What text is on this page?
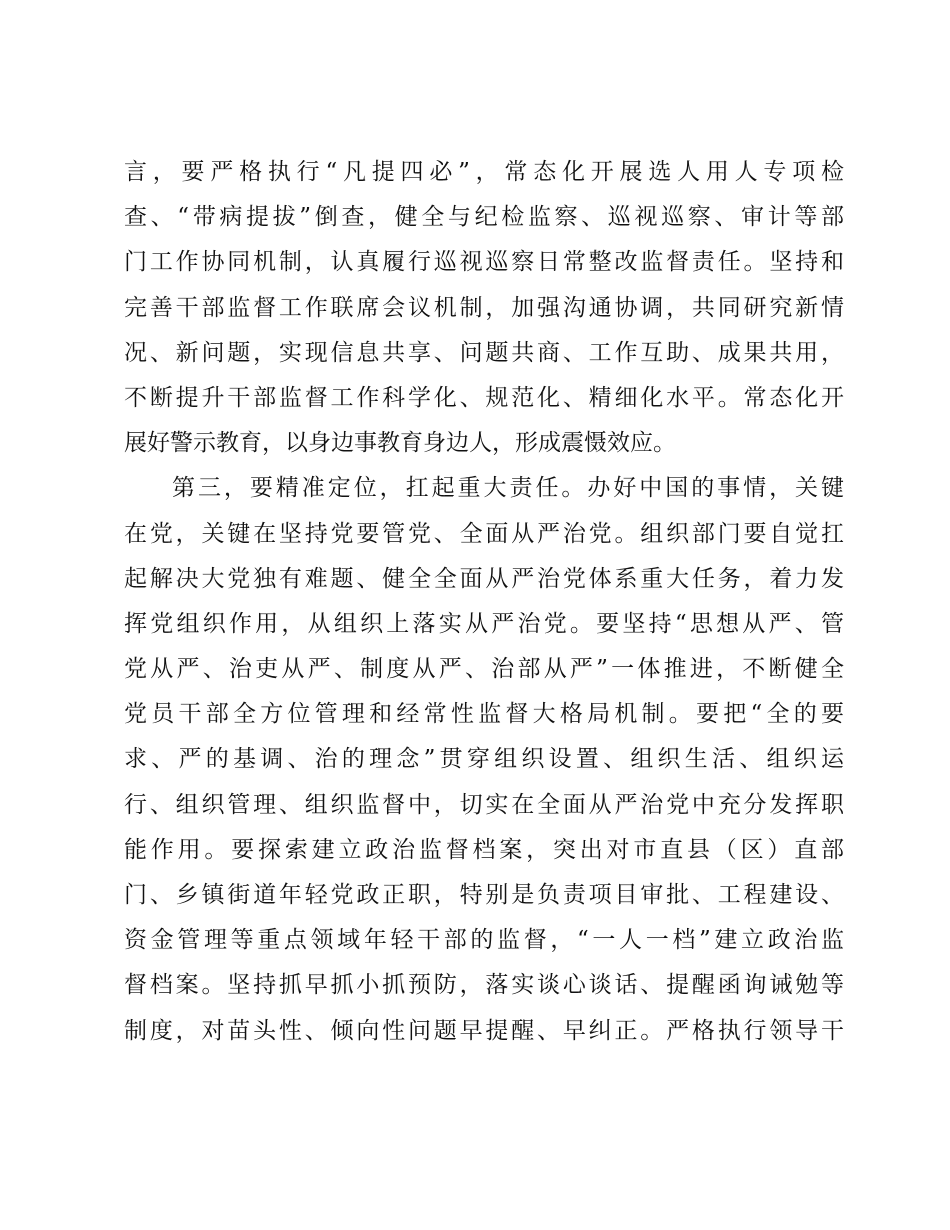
言，要严格执行“凡提四必”，常态化开展选人用人专项检
查、“带病提拔”倒查，健全与纪检监察、巡视巡察、审计等部
门工作协同机制，认真履行巡视巡察日常整改监督责任。坚持和
完善干部监督工作联席会议机制，加强沟通协调，共同研究新情
况、新问题，实现信息共享、问题共商、工作互助、成果共用，
不断提升干部监督工作科学化、规范化、精细化水平。常态化开
展好警示教育，以身边事教育身边人，形成震慑效应。
第三，要精准定位，扛起重大责任。办好中国的事情，关键
在党，关键在坚持党要管党、全面从严治党。组织部门要自觉扛
起解决大党独有难题、健全全面从严治党体系重大任务，着力发
挥党组织作用，从组织上落实从严治党。要坚持“思想从严、管
党从严、治吏从严、制度从严、治部从严”一体推进，不断健全
党员干部全方位管理和经常性监督大格局机制。要把“全的要
求、严的基调、治的理念”贯穿组织设置、组织生活、组织运
行、组织管理、组织监督中，切实在全面从严治党中充分发挥职
能作用。要探索建立政治监督档案，突出对市直县（区）直部
门、乡镇街道年轻党政正职，特别是负责项目审批、工程建设、
资金管理等重点领域年轻干部的监督，“一人一档”建立政治监
督档案。坚持抓早抓小抓预防，落实谈心谈话、提醒函询诫勉等
制度，对苗头性、倾向性问题早提醒、早纠正。严格执行领导干
